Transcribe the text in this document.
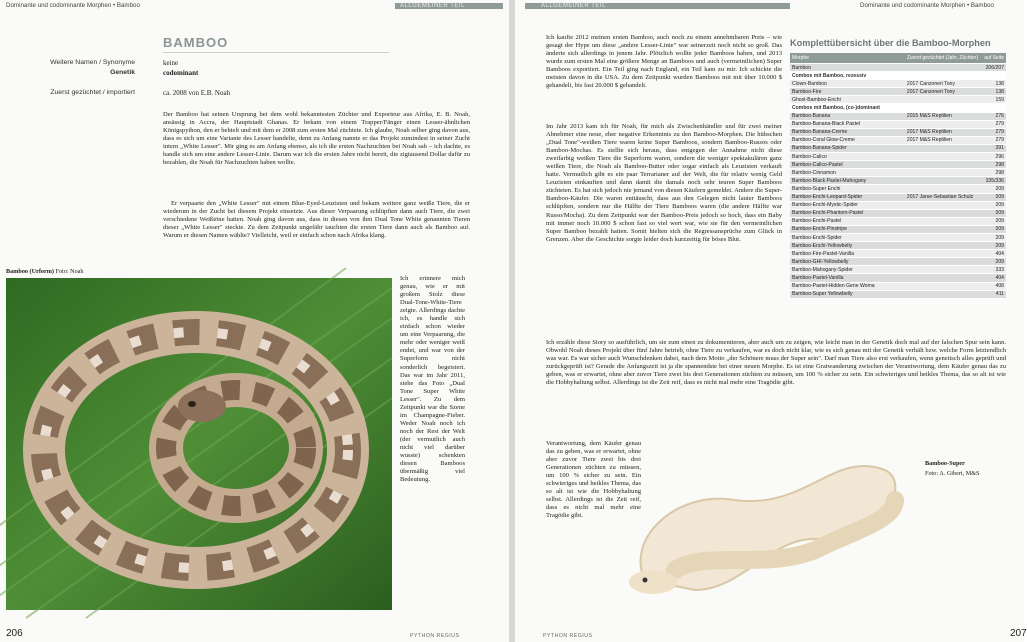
Dominante und codominante Morphen • Bamboo	ALLGEMEINER TEIL
BAMBOO
Weitere Namen / Synonyme	keine
Genetik	codominant
Zuerst gezüchtet / importiert	ca. 2008 von E.B. Noah

Der Bamboo hat seinen Ursprung bei dem wohl bekanntesten Züchter und Exporteur aus Afrika, E. B. Noah, ansässig in Accra, der Hauptstadt Ghanas. Er bekam von einem Trapper/Fänger einen Lesser-ähnlichen Königspython, den er behielt und mit dem er 2008 zum ersten Mal züchtete. Ich glaube, Noah selber ging davon aus, dass es sich um eine Variante des Lesser handelte, denn zu Anfang nannte er das Projekt zumindest in seiner Zucht intern „White Lesser". Mir ging es am Anfang ebenso, als ich die ersten Nachzuchten bei Noah sah – ich dachte, es handle sich um eine andere Lesser-Linie. Darum war ich die ersten Jahre nicht bereit, die zigtausend Dollar dafür zu bezahlen, die Noah für Nachzuchten haben wollte.

Er verpaarte den „White Lesser" mit einem Blue-Eyed-Leuzisten und bekam weitere ganz weiße Tiere, die er wiederum in der Zucht bei diesem Projekt einsetzte. Aus dieser Verpaarung schlüpften dann auch Tiere, die zwei verschiedene Weißtöne hatten. Noah ging davon aus, dass in diesen von ihm Dual Tone White genannten Tieren dieser „White Lesser" steckte. Zu dem Zeitpunkt ungefähr tauchten die ersten Tiere dann auch als Bamboo auf. Warum er diesen Namen wählte? Vielleicht, weil er einfach schon nach Afrika klang.

Bamboo (Urform) Foto: Noah

Ich erinnere mich genau, wie er mit großem Stolz diese Dual-Tone-White-Tiere zeigte. Allerdings dachte ich, es handle sich einfach schon wieder um eine Verpaarung, die mehr oder weniger weiß endet, und war von der Superform nicht sonderlich begeistert. Das war im Jahr 2011, siehe das Foto „Dual Tone Super White Lesser". Zu dem Zeitpunkt war die Szene im Champagne-Fieber. Weder Noah noch ich noch der Rest der Welt (der vermutlich auch nicht viel darüber wusste) schenkten diesen Bamboos übermäßig viel Bedeutung.

206	PYTHON REGIUS
ALLGEMEINER TEIL	Dominante und codominante Morphen • Bamboo

Ich kaufte 2012 meinen ersten Bamboo, auch noch zu einem annehmbaren Preis – wie gesagt der Hype um diese „andere Lesser-Linie" war seinerzeit noch nicht so groß. Das änderte sich allerdings in jenem Jahr. Plötzlich wollte jeder Bamboos haben, und 2013 wurde zum ersten Mal eine größere Menge an Bamboos und auch (vermeintlichen) Super Bamboos exportiert. Ein Teil ging nach England, ein Teil kam zu mir. Ich schickte die meisten davon in die USA. Zu dem Zeitpunkt wurden Bamboos mit mit über 10.000 $ gehandelt, bis fast 20.000 $ gehandelt.

Im Jahr 2013 kam ich für Noah, für mich als Zwischenhändler und für zwei meiner Abnehmer eine neue, eher negative Erkenntnis zu den Bamboo-Morphen. Die hübschen „Dual Tone"-weißen Tiere waren keine Super Bamboos, sondern Bamboo-Russos oder Bamboo-Mochas. Es stellte sich heraus, dass entgegen der Annahme nicht diese zweifarbig weißen Tiere die Superform waren, sondern die weniger spektakulären ganz weißen Tiere, die Noah als Bamboo-Butter oder sogar einfach als Leuzisten verkauft hatte. Vermutlich gibt es ein paar Terrarianer auf der Welt, die für relativ wenig Geld Leuzisten einkauften und dann damit die damals noch sehr teuren Super Bamboos züchteten. Es hat sich jedoch nie jemand von diesen Käufern gemeldet. Andere die Super-Bamboo-Käufer. Die waren enttäuscht, dass aus den Gelegen nicht lauter Bamboos schlüpften, sondern nur die Hälfte der Tiere Bamboos waren (die andere Hälfte war Russo/Mocha). Zu dem Zeitpunkt war der Bamboo-Preis jedoch so hoch, dass ein Baby mit immer noch 10.000 $ schon fast so viel wert war, wie sie für den vermeintlichen Super Bamboo bezahlt hatten. Somit hielten sich die Regressansprüche zum Glück in Grenzen. Aber die Geschichte sorgte leider doch kurzzeitig für böses Blut.

Ich erzähle diese Story so ausführlich, um sie zum einen zu dokumentieren, aber auch um zu zeigen, wie leicht man in der Genetik doch mal auf der falschen Spur sein kann. Obwohl Noah dieses Projekt über fünf Jahre betrieb, ohne Tiere zu verkaufen, war es doch nicht klar, wie es sich genau mit der Genetik verhält bzw. welche Form letztendlich was war. Es war sicher auch Wunschdenken dabei, nach dem Motto „der Schönere muss der Super sein". Darf man Tiere also erst verkaufen, wenn genetisch alles geprüft und zurückgeprüft ist? Gerade die Anfangszeit ist ja die spannendste bei einer neuen Morphe. Es ist eine Gratwanderung zwischen der Verantwortung, dem Käufer genau das zu geben, was er erwartet, ohne aber zuvor Tiere zwei bis drei Generationen züchten zu müssen, um 100 % sicher zu sein. Ein schwieriges und heikles Thema, das so alt ist wie die Hobbyhaltung selbst. Allerdings ist die Zeit reif, dass es nicht mal mehr eine Tragödie gibt.

Verantwortung, dem Käufer genau das zu geben, was er erwartet, ohne aber zuvor Tiere zwei bis drei Generationen züchten zu müssen, um 100 % sicher zu sein. Ein schwieriges und heikles Thema, das so alt ist wie die Hobbyhaltung selbst. Allerdings ist die Zeit reif, dass es nicht mal mehr eine Tragödie gibt.

Bamboo-Super
Foto: A. Gibert, M&S
Komplettübersicht über die Bamboo-Morphen
Morphe	Zuerst gezüchtet (Jahr, Züchter)	auf Seite
Bamboo		206/207
Combos mit Bamboo, rezessiv		
Clown-Bamboo	2017 Canzoneri Tony	138
Bamboo-Fire	2017 Canzoneri Tony	138
Ghost-Bamboo-Enchi		159
Combos mit Bamboo, (co-)dominant		
Bamboo-Banana	2015 M&S Reptilien	276
Bamboo-Banana-Black Pastel		279
Bamboo-Banana-Creme	2017 M&S Reptilien	279
Bamboo-Coral Glow-Creme	2017 M&S Reptilien	279
Bamboo-Banana-Spider		391
Bamboo-Calico		296
Bamboo-Calico-Pastel		298
Bamboo-Cinnamon		298
Bamboo-Black Pastel-Mahogany		335/336
Bamboo-Super Enchi		209
Bamboo-Enchi-Leopard-Spider	2017 Jarse-Sebastian Schulz	209
Bamboo-Enchi-Mystic-Spider		209
Bamboo-Enchi-Phantom-Pastel		209
Bamboo-Enchi-Pastel		209
Bamboo-Enchi-Pinstripe		209
Bamboo-Enchi-Spider		209
Bamboo-Enchi-Yellowbelly		209
Bamboo-Fire-Pastel-Vanilla		404
Bamboo-GHI-Yellowbelly		209
Bamboo-Mahogany-Spider		333
Bamboo-Pastel-Vanilla		404
Bamboo-Pastel-Hidden Gene Woma		408
Bamboo-Super Yellowbelly		411
207
PYTHON REGIUS
